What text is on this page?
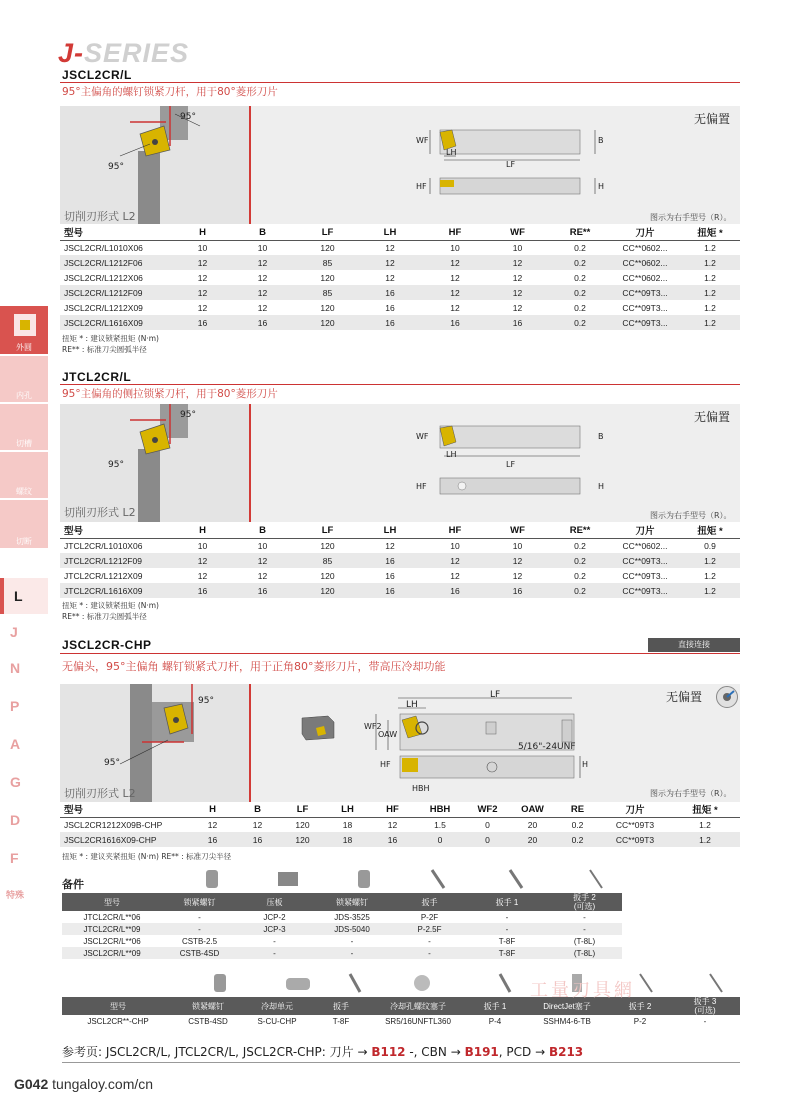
J-SERIES
JSCL2CR/L
95°主偏角的螺钉锁紧刀杆，用于80°菱形刀片
95°
95°
切削刃形式 L2
WF
LH
LF
B
HF	H
无偏置
图示为右手型号（R）。
型号	H	B	LF	LH	HF	WF	RE**	刀片	扭矩 *
JSCL2CR/L1010X06	10	10	120	12	10	10	0.2	CC**0602...	1.2
JSCL2CR/L1212F06	12	12	85	12	12	12	0.2	CC**0602...	1.2
JSCL2CR/L1212X06	12	12	120	12	12	12	0.2	CC**0602...	1.2
JSCL2CR/L1212F09	12	12	85	16	12	12	0.2	CC**09T3...	1.2
JSCL2CR/L1212X09	12	12	120	16	12	12	0.2	CC**09T3...	1.2
JSCL2CR/L1616X09	16	16	120	16	16	16	0.2	CC**09T3...	1.2
扭矩 * : 建议锁紧扭矩 (N·m)
RE** : 标准刀尖圆弧半径
JTCL2CR/L
95°主偏角的侧拉锁紧刀杆，用于80°菱形刀片
95°
95°
切削刃形式 L2
WF
LH
LF
B
HF	H
无偏置
图示为右手型号（R）。
型号	H	B	LF	LH	HF	WF	RE**	刀片	扭矩 *
JTCL2CR/L1010X06	10	10	120	12	10	10	0.2	CC**0602...	0.9
JTCL2CR/L1212F09	12	12	85	16	12	12	0.2	CC**09T3...	1.2
JTCL2CR/L1212X09	12	12	120	16	12	12	0.2	CC**09T3...	1.2
JTCL2CR/L1616X09	16	16	120	16	16	16	0.2	CC**09T3...	1.2
扭矩 * : 建议锁紧扭矩 (N·m)
RE** : 标准刀尖圆弧半径
JSCL2CR-CHP	直接连接
无偏头，95°主偏角 螺钉锁紧式刀杆，用于正角80°菱形刀片，带高压冷却功能
95°
95°
切削刃形式 L2
LF
LH
WF2
OAW
5/16"-24UNF
HF
HBH
H
无偏置
图示为右手型号（R）。
型号	H	B	LF	LH	HF	HBH	WF2	OAW	RE	刀片	扭矩 *
JSCL2CR1212X09B-CHP	12	12	120	18	12	1.5	0	20	0.2	CC**09T3	1.2
JSCL2CR1616X09-CHP	16	16	120	18	16	0	0	20	0.2	CC**09T3	1.2
扭矩 * : 建议夹紧扭矩 (N·m) RE** : 标准刀尖半径
备件
型号	锁紧螺钉	压板	锁紧螺钉	扳手	扳手 1	扳手 2
(可选)
JTCL2CR/L**06	-	JCP-2	JDS-3525	P-2F	-	-
JTCL2CR/L**09	-	JCP-3	JDS-5040	P-2.5F	-	-
JSCL2CR/L**06	CSTB-2.5	-	-	-	T-8F	(T-8L)
JSCL2CR/L**09	CSTB-4SD	-	-	-	T-8F	(T-8L)
型号	锁紧螺钉	冷却单元	扳手	冷却孔螺纹塞子	扳手 1	DirectJet塞子	扳手 2	扳手 3
(可选)
JSCL2CR**-CHP	CSTB-4SD	S-CU-CHP	T-8F	SR5/16UNFTL360	P-4	SSHM4-6-TB	P-2	-
工量刃具網
参考页: JSCL2CR/L, JTCL2CR/L, JSCL2CR-CHP: 刀片 → B112 -, CBN → B191, PCD → B213
G042 tungaloy.com/cn
外圆
内孔
切槽
螺纹
切断
L
J
N
P
A
G
D
F
特殊
